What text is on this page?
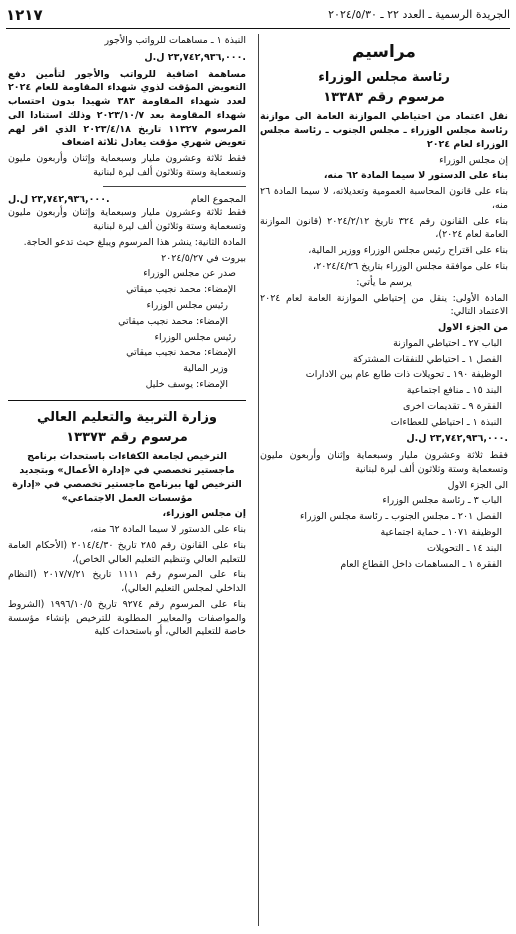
الجريدة الرسمية ـ العدد ٢٢ ـ ٢٠٢٤/٥/٣٠
١٢١٧
مراسيم
رئاسة مجلس الوزراء
مرسوم رقم ١٣٣٨٣

نقل اعتماد من احتياطي الموازنة العامة الى موازنة رئاسة مجلس الوزراء ـ مجلس الجنوب ـ رئاسة مجلس الوزراء لعام ٢٠٢٤

إن مجلس الوزراء

بناء على الدستور لا سيما المادة ٦٢ منه،

بناء على قانون المحاسبة العمومية وتعديلاته، لا سيما المادة ٢٦ منه،

بناء على القانون رقم ٣٢٤ تاريخ ٢٠٢٤/٢/١٢ (قانون الموازنة العامة لعام ٢٠٢٤)،

بناء على اقتراح رئيس مجلس الوزراء ووزير المالية،

بناء على موافقة مجلس الوزراء بتاريخ ٢٠٢٤/٤/٢٦،

يرسم ما يأتي:

المادة الأولى: ينقل من إحتياطي الموازنة العامة لعام ٢٠٢٤ الاعتماد التالي:

من الجزء الاول

الباب ٢٧ ـ احتياطي الموازنة

الفصل ١ ـ احتياطي للنفقات المشتركة

الوظيفة ١٩٠ ـ تحويلات ذات طابع عام بين الادارات

البند ١٥ ـ منافع اجتماعية

الفقرة ٩ ـ تقديمات اخرى

النبذة ١ ـ احتياطي للعطاءات

٢٣,٧٤٢,٩٣٦,٠٠٠ ل.ل.

فقط ثلاثة وعشرون مليار وسبعماية وإثنان وأربعون مليون وتسعماية وستة وثلاثون ألف ليرة لبنانية

الى الجزء الاول

الباب ٣ ـ رئاسة مجلس الوزراء

الفصل ٢٠١ ـ مجلس الجنوب ـ رئاسة مجلس الوزراء

الوظيفة ١٠٧١ ـ حماية اجتماعية

البند ١٤ ـ التحويلات

الفقرة ١ ـ المساهمات داخل القطاع العام

النبذة ١ ـ مساهمات للرواتب والأجور

٢٣,٧٤٢,٩٣٦,٠٠٠ ل.ل.

مساهمة اضافية للرواتب والأجور لتأمين دفع التعويض المؤقت لذوي شهداء المقاومة للعام ٢٠٢٤ لعدد شهداء المقاومة ٣٨٣ شهيدا بدون احتساب شهداء المقاومة بعد ٢٠٢٣/١٠/٧ وذلك استنادا الى المرسوم ١١٣٢٧ تاريخ ٢٠٢٣/٤/١٨ الذي اقر لهم تعويض شهري مؤقت يعادل ثلاثة اضعاف

فقط ثلاثة وعشرون مليار وسبعماية وإثنان وأربعون مليون وتسعماية وستة وثلاثون ألف ليرة لبنانية

المجموع العام
٢٣,٧٤٢,٩٣٦,٠٠٠ ل.ل.

فقط ثلاثة وعشرون مليار وسبعماية وإثنان وأربعون مليون وتسعماية وستة وثلاثون ألف ليرة لبنانية

المادة الثانية: ينشر هذا المرسوم ويبلغ حيث تدعو الحاجة.

بيروت في ٢٠٢٤/٥/٢٧

صدر عن مجلس الوزراء

الإمضاء: محمد نجيب ميقاتي

رئيس مجلس الوزراء

الإمضاء: محمد نجيب ميقاتي

رئيس مجلس الوزراء

الإمضاء: محمد نجيب ميقاتي

وزير المالية

الإمضاء: يوسف خليل

وزارة التربية والتعليم العالي
مرسوم رقم ١٣٣٧٣

الترخيص لجامعة الكفاءات باستحداث برنامج ماجستير تخصصي في «إدارة الأعمال» وبتجديد الترخيص لها ببرنامج ماجستير تخصصي في «إدارة مؤسسات العمل الاجتماعي»

إن مجلس الوزراء،

بناء على الدستور لا سيما المادة ٦٢ منه،

بناء على القانون رقم ٢٨٥ تاريخ ٢٠١٤/٤/٣٠ (الأحكام العامة للتعليم العالي وتنظيم التعليم العالي الخاص)،

بناء على المرسوم رقم ١١١١ تاريخ ٢٠١٧/٧/٢١ (النظام الداخلي لمجلس التعليم العالي)،

بناء على المرسوم رقم ٩٢٧٤ تاريخ ١٩٩٦/١٠/٥ (الشروط والمواصفات والمعايير المطلوبة للترخيص بإنشاء مؤسسة خاصة للتعليم العالي، أو باستحداث كلية
